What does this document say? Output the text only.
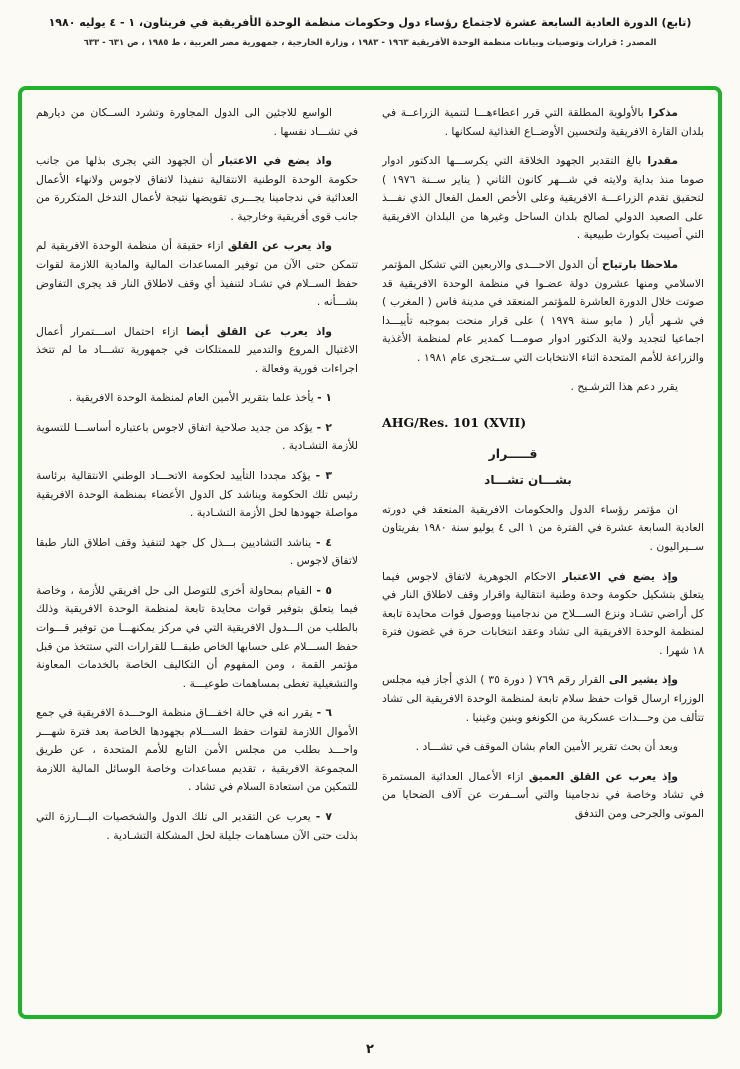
(تابع) الدورة العادية السابعة عشرة لاجتماع رؤساء دول وحكومات منظمة الوحدة الأفريقية في فريتاون، ١ - ٤ يوليه ١٩٨٠
المصدر : قرارات وتوصيات وبيانات منظمة الوحدة الأفريقية ١٩٦٣ - ١٩٨٣ ، وزارة الخارجية ، جمهورية مصر العربية ، ط ١٩٨٥ ، ص ٦٣١ - ٦٣٣

مذكرا بالأولوية المطلقة التي قرر اعطاءهـــا لتنمية الزراعــة في بلدان القارة الافريقية ولتحسين الأوضــاع الغذائية لسكانها .

مقدرا بالغ التقدير الجهود الخلاقة التي يكرســـها الدكتور ادوار صوما منذ بداية ولايته في شـــهر كانون الثاني ( يناير ســنة ١٩٧٦ ) لتحقيق تقدم الزراعـــة الافريقية وعلى الأخص العمل الفعال الذي نفـــذ على الصعيد الدولي لصالح بلدان الساحل وغيرها من البلدان الافريقية التي أصيبت بكوارث طبيعية .

ملاحظا بارتياح أن الدول الاحـــدى والاربعين التي تشكل المؤتمر الاسلامي ومنها عشرون دولة عضـوا في منظمة الوحدة الافريقية قد صوتت خلال الدورة العاشرة للمؤتمر المنعقد في مدينة فاس ( المغرب ) في شـهر أيار ( مايو سنة ١٩٧٩ ) على قرار منحت بموجبه تأييـــدا اجماعيا لتجديد ولاية الدكتور ادوار صومـــا كمدير عام لمنظمة الأغذية والزراعة للأمم المتحدة اثناء الانتخابات التي ســتجرى عام ١٩٨١ .

يقرر دعم هذا الترشـيح .

AHG/Res. 101 (XVII)
قـــــرار
بشـــان تشـــاد

ان مؤتمر رؤساء الدول والحكومات الافريقية المنعقد في دورته العادية السابعة عشرة في الفترة من ١ الى ٤ يوليو سنة ١٩٨٠ بفريتاون ســيراليون .

وإذ يضع في الاعتبار الاحكام الجوهرية لاتفاق لاجوس فيما يتعلق بتشكيل حكومة وحدة وطنية انتقالية واقرار وقف لاطلاق النار في كل أراضي تشـاد ونزع الســـلاح من ندجامينا ووصول قوات محايدة تابعة لمنظمة الوحدة الافريقية الى تشاد وعقد انتخابات حرة في غضون فترة ١٨ شهرا .

وإذ يشير الى القرار رقم ٧٦٩ ( دورة ٣٥ ) الذي أجاز فيه مجلس الوزراء ارسال قوات حفظ سلام تابعة لمنظمة الوحدة الافريقية الى تشاد تتألف من وحـــدات عسكرية من الكونغو وبنين وغينيا .

وبعد أن بحث تقرير الأمين العام بشان الموقف في تشـــاد .

وإذ يعرب عن القلق العميق ازاء الأعمال العدائية المستمرة في تشاد وخاصة في ندجامينا والتي أســفرت عن آلاف الضحايا من الموتى والجرحى ومن التدفق

الواسع للاجئين الى الدول المجاورة وتشرد الســكان من ديارهم في تشـــاد نفسها .

واذ يضع في الاعتبار أن الجهود التي يجرى بذلها من جانب حكومة الوحدة الوطنية الانتقالية تنفيذا لاتفاق لاجوس ولانهاء الأعمال العدائية في ندجامينا يجـــرى تقويضها نتيجة لأعمال التدخل المتكررة من جانب قوى أفريقية وخارجية .

واذ يعرب عن القلق ازاء حقيقة أن منظمة الوحدة الافريقية لم تتمكن حتى الآن من توفير المساعدات المالية والمادية اللازمة لقوات حفظ الســلام في تشـاد لتنفيذ أي وقف لاطلاق النار قد يجرى التفاوض بشـــأنه .

واذ يعرب عن القلق أيضا ازاء احتمال اســـتمرار أعمال الاغتيال المروع والتدمير للممتلكات في جمهورية تشـــاد ما لم تتخذ اجراءات فورية وفعالة .

١ - يأخذ علما بتقرير الأمين العام لمنظمة الوحدة الافريقية .

٢ - يؤكد من جديد صلاحية اتفاق لاجوس باعتباره أساســـا للتسوية للأزمة التشـادية .

٣ - يؤكد مجددا التأييد لحكومة الاتحـــاد الوطني الانتقالية برئاسة رئيس تلك الحكومة ويناشد كل الدول الأعضاء بمنظمة الوحدة الافريقية مواصلة جهودها لحل الأزمة التشـادية .

٤ - يناشد التشاديين بـــذل كل جهد لتنفيذ وقف اطلاق النار طبقا لاتفاق لاجوس .

٥ - القيام بمحاولة أخرى للتوصل الى حل افريقي للأزمة ، وخاصة فيما يتعلق بتوفير قوات محايدة تابعة لمنظمة الوحدة الافريقية وذلك بالطلب من الـــدول الافريقية التي في مركز يمكنهـــا من توفير قـــوات حفظ الســـلام على حسابها الخاص طبقـــا للقرارات التي ستتخذ من قبل مؤتمر القمة ، ومن المفهوم أن التكاليف الخاصة بالخدمات المعاونة والتشغيلية تغطى بمساهمات طوعيـــة .

٦ - يقرر انه في حالة اخفـــاق منظمة الوحـــدة الافريقية في جمع الأموال اللازمة لقوات حفظ الســـلام بجهودها الخاصة بعد فترة شهـــر واحـــد بطلب من مجلس الأمن التابع للأمم المتحدة ، عن طريق المجموعة الافريقية ، تقديم مساعدات وخاصة الوسائل المالية اللازمة للتمكين من استعادة السلام في تشاد .

٧ - يعرب عن التقدير الى تلك الدول والشخصيات البـــارزة التي بذلت حتى الآن مساهمات جليلة لحل المشكلة التشـادية .

٢
